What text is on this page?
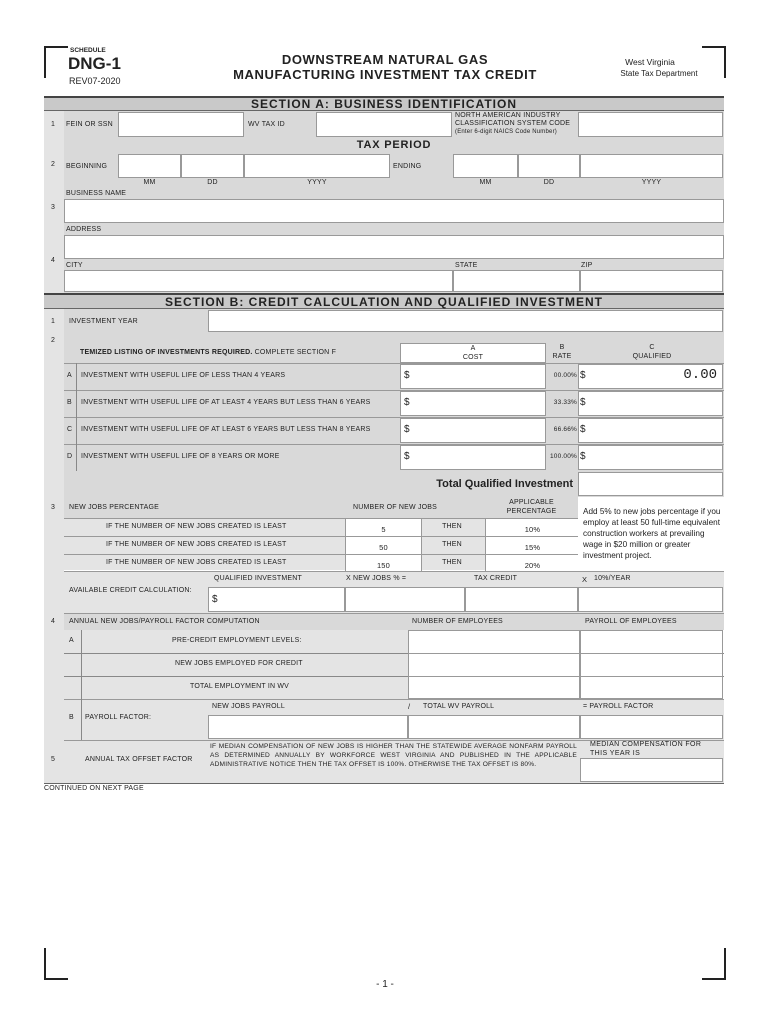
SCHEDULE
DNG-1
REV07-2020
DOWNSTREAM NATURAL GAS
MANUFACTURING INVESTMENT TAX CREDIT
West Virginia
State Tax Department
SECTION A: BUSINESS IDENTIFICATION
1 FEIN OR SSN	WV TAX ID
NORTH AMERICAN INDUSTRY
CLASSIFICATION SYSTEM CODE
(Enter 6-digit NAICS Code Number)
TAX PERIOD
2 BEGINNING	ENDING
MM	DD	YYYY	MM	DD	YYYY
3
BUSINESS NAME
4
ADDRESS
CITY	STATE	ZIP
SECTION B: CREDIT CALCULATION AND QUALIFIED INVESTMENT
1 INVESTMENT YEAR
2
TEMIZED LISTING OF INVESTMENTS REQUIRED. COMPLETE SECTION F
A
COST
B
RATE
C
QUALIFIED
A INVESTMENT WITH USEFUL LIFE OF LESS THAN 4 YEARS	$	00.00% $	0.00
B INVESTMENT WITH USEFUL LIFE OF AT LEAST 4 YEARS BUT LESS THAN 6 YEARS	$	33.33% $
C INVESTMENT WITH USEFUL LIFE OF AT LEAST 6 YEARS BUT LESS THAN 8 YEARS	$	66.66% $
D INVESTMENT WITH USEFUL LIFE OF 8 YEARS OR MORE	$	100.00% $
Total Qualified Investment
3 NEW JOBS PERCENTAGE	NUMBER OF NEW JOBS
APPLICABLE
PERCENTAGE
IF THE NUMBER OF NEW JOBS CREATED IS LEAST	5	THEN	10%
IF THE NUMBER OF NEW JOBS CREATED IS LEAST	50	THEN	15%
IF THE NUMBER OF NEW JOBS CREATED IS LEAST	150	THEN	20%
Add 5% to new jobs percentage if you employ at least 50 full-time equivalent construction workers at prevailing wage in $20 million or greater investment project.
AVAILABLE CREDIT CALCULATION:
QUALIFIED INVESTMENT	X NEW JOBS % =	TAX CREDIT	X 10%/YEAR
$
4 ANNUAL NEW JOBS/PAYROLL FACTOR COMPUTATION	NUMBER OF EMPLOYEES	PAYROLL OF EMPLOYEES
A	PRE-CREDIT EMPLOYMENT LEVELS:
NEW JOBS EMPLOYED FOR CREDIT
TOTAL EMPLOYMENT IN WV
B PAYROLL FACTOR:
NEW JOBS PAYROLL	/ TOTAL WV PAYROLL	= PAYROLL FACTOR
5	ANNUAL TAX OFFSET FACTOR
IF MEDIAN COMPENSATION OF NEW JOBS IS HIGHER THAN THE STATEWIDE AVERAGE NONFARM PAYROLL AS DETERMINED ANNUALLY BY WORKFORCE WEST VIRGINIA AND PUBLISHED IN THE APPLICABLE ADMINISTRATIVE NOTICE THEN THE TAX OFFSET IS 100%. OTHERWISE THE TAX OFFSET IS 80%.
MEDIAN COMPENSATION FOR THIS YEAR IS
CONTINUED ON NEXT PAGE
- 1 -
